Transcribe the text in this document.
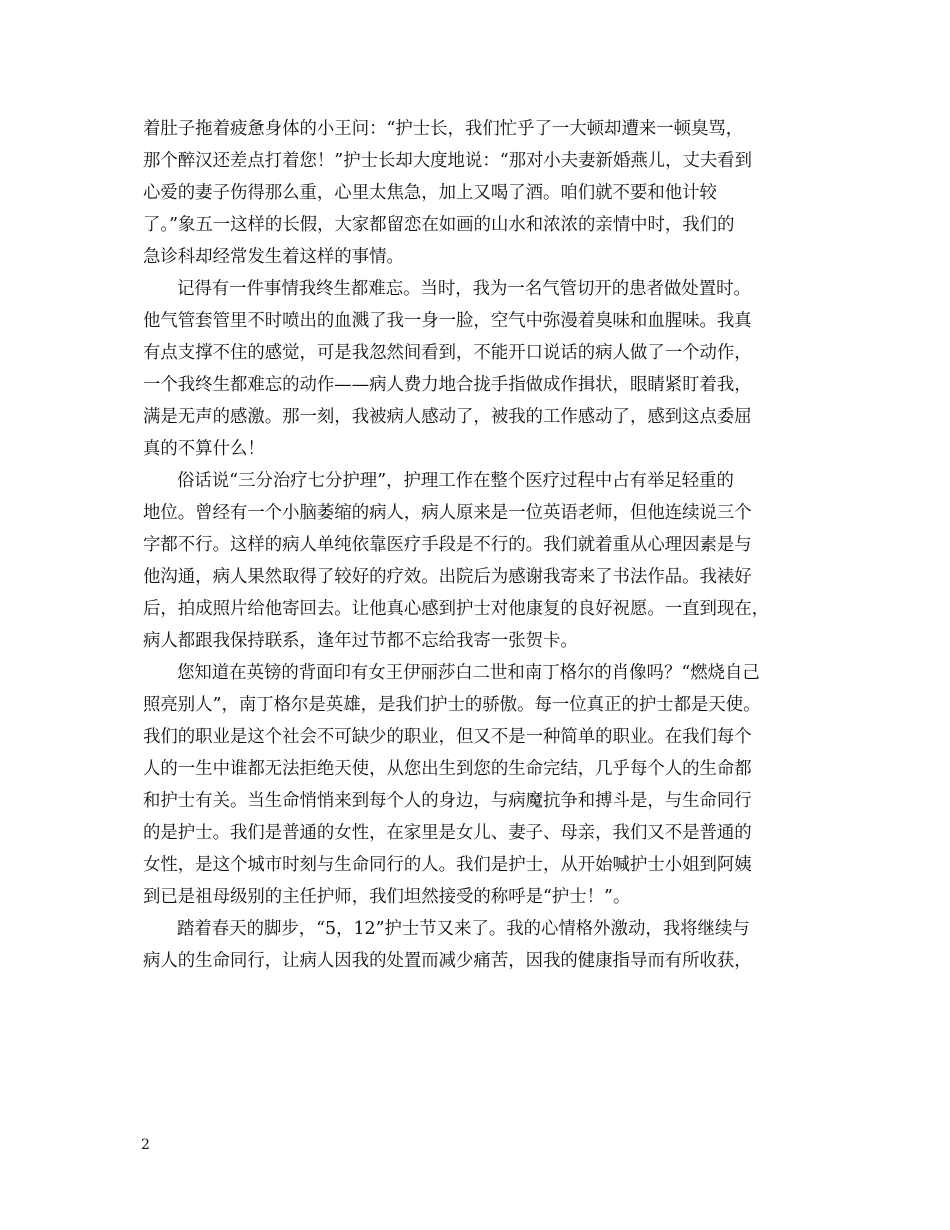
着肚子拖着疲惫身体的小王问：“护士长，我们忙乎了一大顿却遭来一顿臭骂，
那个醉汉还差点打着您！”护士长却大度地说：“那对小夫妻新婚燕儿，丈夫看到
心爱的妻子伤得那么重，心里太焦急，加上又喝了酒。咱们就不要和他计较
了。”象五一这样的长假，大家都留恋在如画的山水和浓浓的亲情中时，我们的
急诊科却经常发生着这样的事情。
记得有一件事情我终生都难忘。当时，我为一名气管切开的患者做处置时。
他气管套管里不时喷出的血溅了我一身一脸，空气中弥漫着臭味和血腥味。我真
有点支撑不住的感觉，可是我忽然间看到，不能开口说话的病人做了一个动作，
一个我终生都难忘的动作——病人费力地合拢手指做成作揖状，眼睛紧盯着我，
满是无声的感激。那一刻，我被病人感动了，被我的工作感动了，感到这点委屈
真的不算什么！
俗话说“三分治疗七分护理”，护理工作在整个医疗过程中占有举足轻重的
地位。曾经有一个小脑萎缩的病人，病人原来是一位英语老师，但他连续说三个
字都不行。这样的病人单纯依靠医疗手段是不行的。我们就着重从心理因素是与
他沟通，病人果然取得了较好的疗效。出院后为感谢我寄来了书法作品。我裱好
后，拍成照片给他寄回去。让他真心感到护士对他康复的良好祝愿。一直到现在，
病人都跟我保持联系，逢年过节都不忘给我寄一张贺卡。
您知道在英镑的背面印有女王伊丽莎白二世和南丁格尔的肖像吗？“燃烧自己
照亮别人”，南丁格尔是英雄，是我们护士的骄傲。每一位真正的护士都是天使。
我们的职业是这个社会不可缺少的职业，但又不是一种简单的职业。在我们每个
人的一生中谁都无法拒绝天使，从您出生到您的生命完结，几乎每个人的生命都
和护士有关。当生命悄悄来到每个人的身边，与病魔抗争和搏斗是，与生命同行
的是护士。我们是普通的女性，在家里是女儿、妻子、母亲，我们又不是普通的
女性，是这个城市时刻与生命同行的人。我们是护士，从开始喊护士小姐到阿姨
到已是祖母级别的主任护师，我们坦然接受的称呼是“护士！”。
踏着春天的脚步，“5，12”护士节又来了。我的心情格外激动，我将继续与
病人的生命同行，让病人因我的处置而减少痛苦，因我的健康指导而有所收获，
2
